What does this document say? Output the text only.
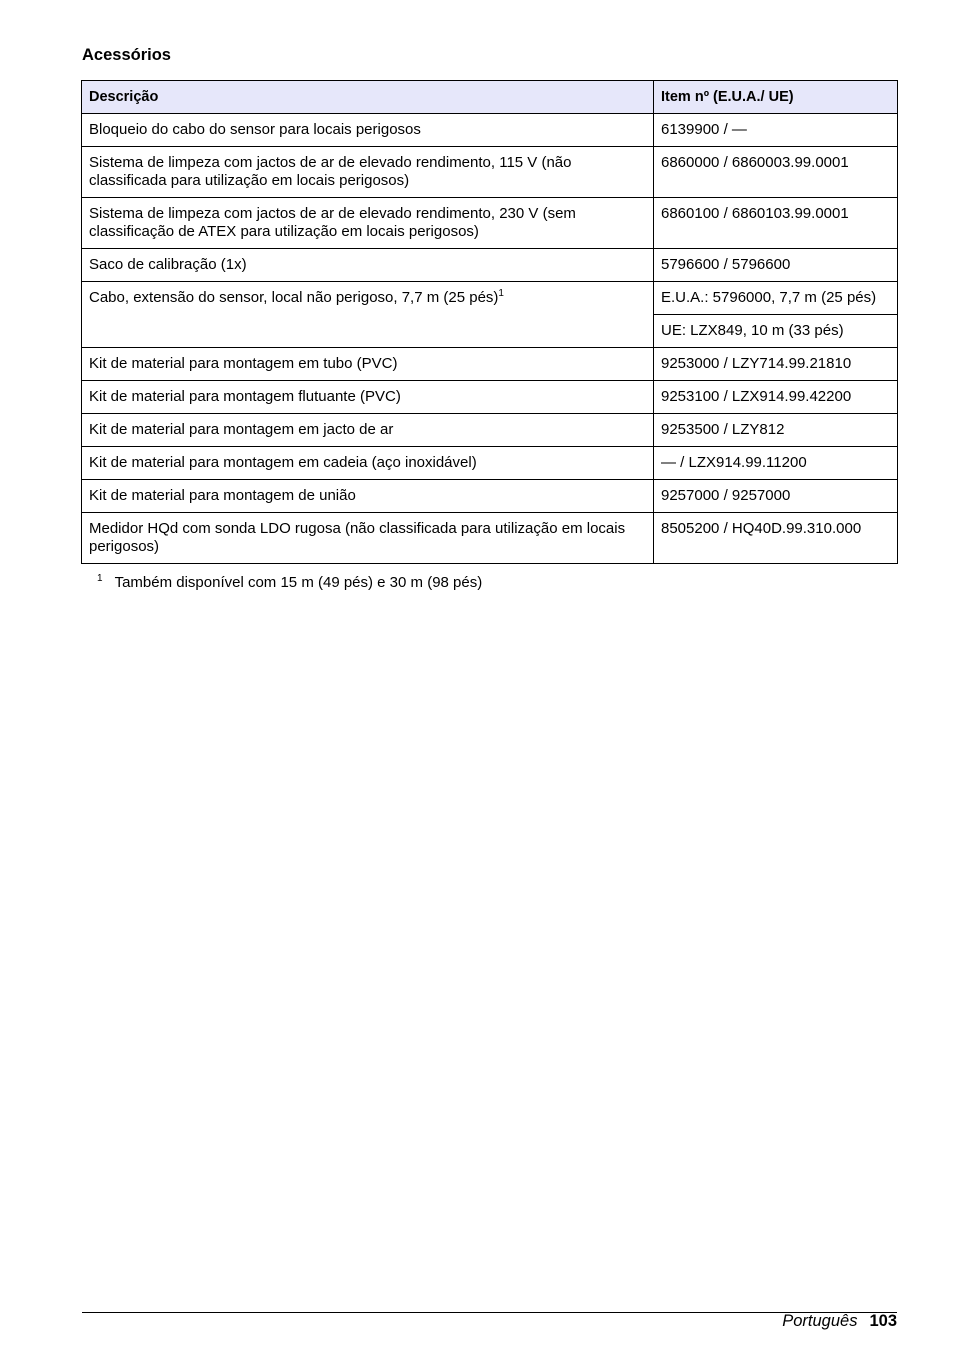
Acessórios
Descrição	Item nº (E.U.A./ UE)
Bloqueio do cabo do sensor para locais perigosos	6139900 / —
Sistema de limpeza com jactos de ar de elevado rendimento, 115 V (não classificada para utilização em locais perigosos)	6860000 / 6860003.99.0001
Sistema de limpeza com jactos de ar de elevado rendimento, 230 V (sem classificação de ATEX para utilização em locais perigosos)	6860100 / 6860103.99.0001
Saco de calibração (1x)	5796600 / 5796600
Cabo, extensão do sensor, local não perigoso, 7,7 m (25 pés)$^1$	E.U.A.: 5796000, 7,7 m (25 pés)
	UE: LZX849, 10 m (33 pés)
Kit de material para montagem em tubo (PVC)	9253000 / LZY714.99.21810
Kit de material para montagem flutuante (PVC)	9253100 / LZX914.99.42200
Kit de material para montagem em jacto de ar	9253500 / LZY812
Kit de material para montagem em cadeia (aço inoxidável)	— / LZX914.99.11200
Kit de material para montagem de união	9257000 / 9257000
Medidor HQd com sonda LDO rugosa (não classificada para utilização em locais perigosos)	8505200 / HQ40D.99.310.000
$^1$ Também disponível com 15 m (49 pés) e 30 m (98 pés)
Português 103
